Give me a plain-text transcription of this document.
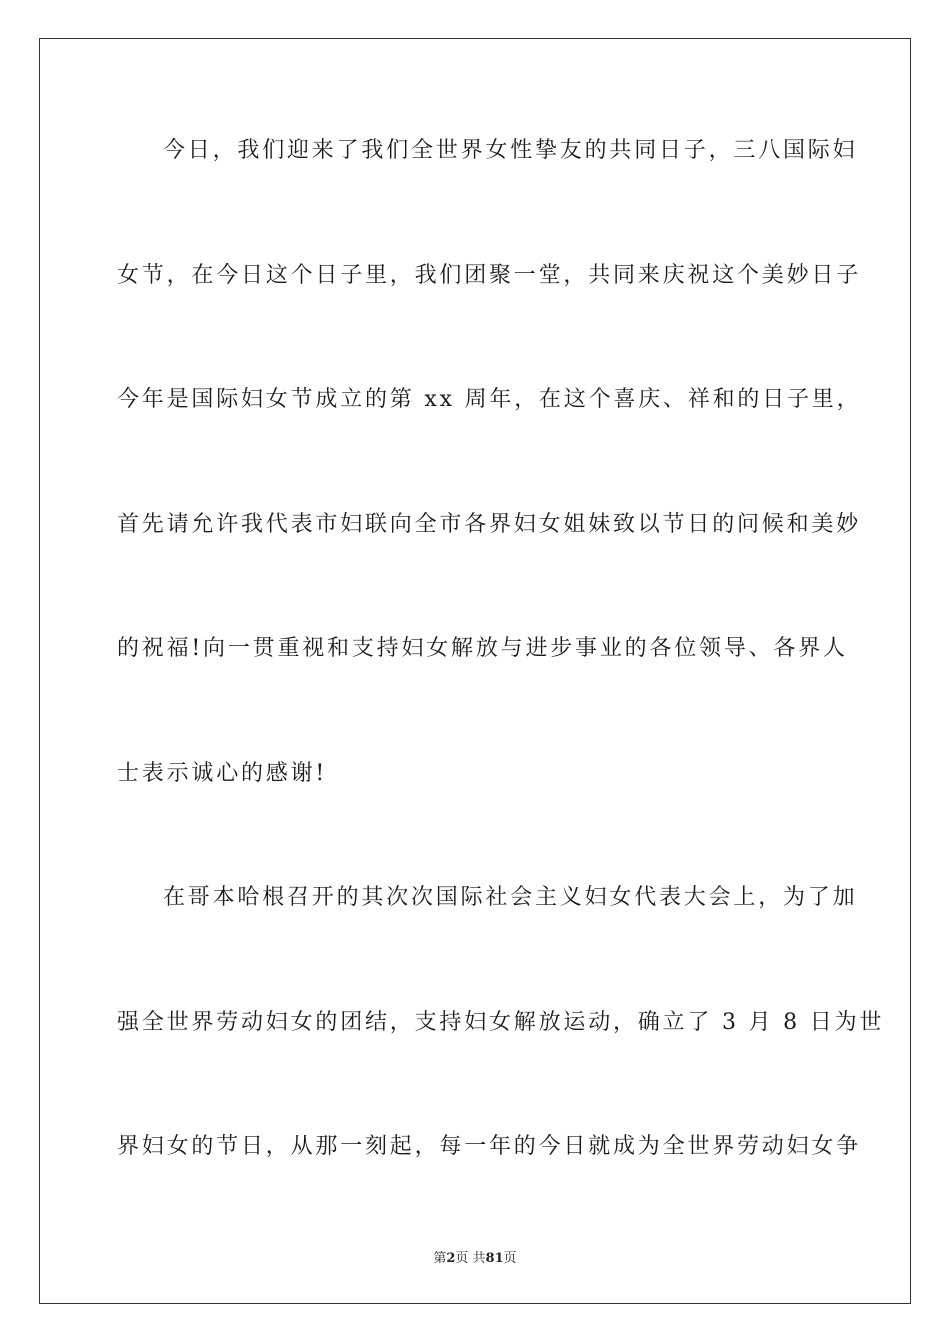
今日，我们迎来了我们全世界女性挚友的共同日子，三八国际妇
女节，在今日这个日子里，我们团聚一堂，共同来庆祝这个美妙日子
今年是国际妇女节成立的第 xx 周年，在这个喜庆、祥和的日子里，
首先请允许我代表市妇联向全市各界妇女姐妹致以节日的问候和美妙
的祝福!向一贯重视和支持妇女解放与进步事业的各位领导、各界人
士表示诚心的感谢!
在哥本哈根召开的其次次国际社会主义妇女代表大会上，为了加
强全世界劳动妇女的团结，支持妇女解放运动，确立了 3 月 8 日为世
界妇女的节日，从那一刻起，每一年的今日就成为全世界劳动妇女争
第2页 共81页
